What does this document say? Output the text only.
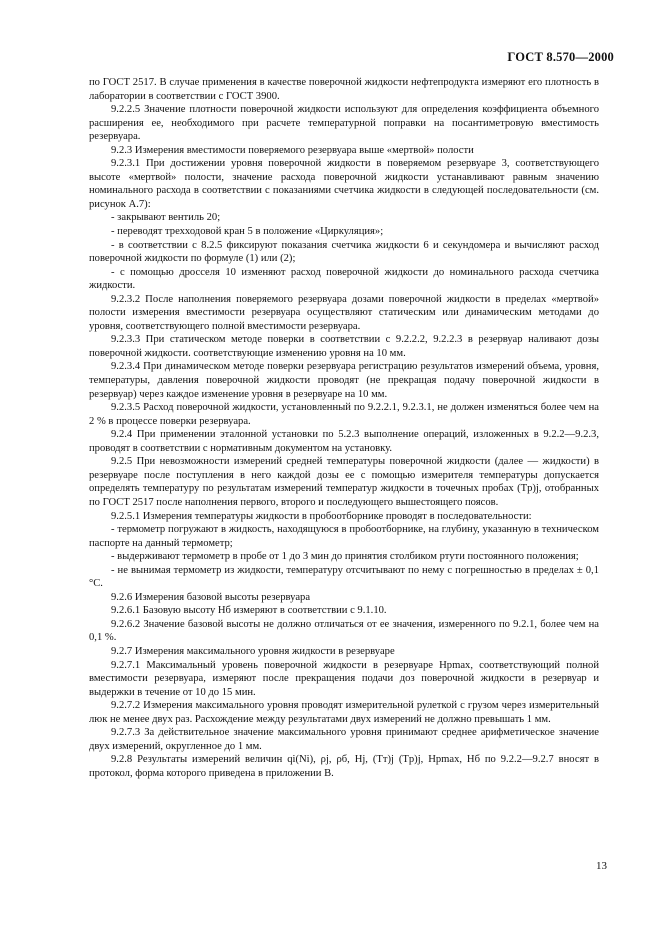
ГОСТ 8.570—2000

по ГОСТ 2517. В случае применения в качестве поверочной жидкости нефтепродукта измеряют его плотность в лаборатории в соответствии с ГОСТ 3900.

9.2.2.5 Значение плотности поверочной жидкости используют для определения коэффициента объемного расширения ее, необходимого при расчете температурной поправки на посантиметровую вместимость резервуара.

9.2.3 Измерения вместимости поверяемого резервуара выше «мертвой» полости

9.2.3.1 При достижении уровня поверочной жидкости в поверяемом резервуаре 3, соответствующего высоте «мертвой» полости, значение расхода поверочной жидкости устанавливают равным значению номинального расхода в соответствии с показаниями счетчика жидкости в следующей последовательности (см. рисунок А.7):

- закрывают вентиль 20;

- переводят трехходовой кран 5 в положение «Циркуляция»;

- в соответствии с 8.2.5 фиксируют показания счетчика жидкости 6 и секундомера и вычисляют расход поверочной жидкости по формуле (1) или (2);

- с помощью дросселя 10 изменяют расход поверочной жидкости до номинального расхода счетчика жидкости.

9.2.3.2 После наполнения поверяемого резервуара дозами поверочной жидкости в пределах «мертвой» полости измерения вместимости резервуара осуществляют статическим или динамическим методами до уровня, соответствующего полной вместимости резервуара.

9.2.3.3 При статическом методе поверки в соответствии с 9.2.2.2, 9.2.2.3 в резервуар наливают дозы поверочной жидкости. соответствующие изменению уровня на 10 мм.

9.2.3.4 При динамическом методе поверки резервуара регистрацию результатов измерений объема, уровня, температуры, давления поверочной жидкости проводят (не прекращая подачу поверочной жидкости в резервуар) через каждое изменение уровня в резервуаре на 10 мм.

9.2.3.5 Расход поверочной жидкости, установленный по 9.2.2.1, 9.2.3.1, не должен изменяться более чем на 2 % в процессе поверки резервуара.

9.2.4 При применении эталонной установки по 5.2.3 выполнение операций, изложенных в 9.2.2—9.2.3, проводят в соответствии с нормативным документом на установку.

9.2.5 При невозможности измерений средней температуры поверочной жидкости (далее — жидкости) в резервуаре после поступления в него каждой дозы ее с помощью измерителя температуры допускается определять температуру по результатам измерений температур жидкости в точечных пробах (Tр)j, отобранных по ГОСТ 2517 после наполнения первого, второго и последующего вышестоящего поясов.

9.2.5.1 Измерения температуры жидкости в пробоотборнике проводят в последовательности:

- термометр погружают в жидкость, находящуюся в пробоотборнике, на глубину, указанную в техническом паспорте на данный термометр;

- выдерживают термометр в пробе от 1 до 3 мин до принятия столбиком ртути постоянного положения;

- не вынимая термометр из жидкости, температуру отсчитывают по нему с погрешностью в пределах ± 0,1 °С.

9.2.6 Измерения базовой высоты резервуара

9.2.6.1 Базовую высоту Hб измеряют в соответствии с 9.1.10.

9.2.6.2 Значение базовой высоты не должно отличаться от ее значения, измеренного по 9.2.1, более чем на 0,1 %.

9.2.7 Измерения максимального уровня жидкости в резервуаре

9.2.7.1 Максимальный уровень поверочной жидкости в резервуаре Hрmax, соответствующий полной вместимости резервуара, измеряют после прекращения подачи доз поверочной жидкости в резервуар и выдержки в течение от 10 до 15 мин.

9.2.7.2 Измерения максимального уровня проводят измерительной рулеткой с грузом через измерительный люк не менее двух раз. Расхождение между результатами двух измерений не должно превышать 1 мм.

9.2.7.3 За действительное значение максимального уровня принимают среднее арифметическое значение двух измерений, округленное до 1 мм.

9.2.8 Результаты измерений величин qi(Ni), ρj, ρб, Hj, (Tт)j (Tр)j, Hрmax, Hб по 9.2.2—9.2.7 вносят в протокол, форма которого приведена в приложении В.

13
